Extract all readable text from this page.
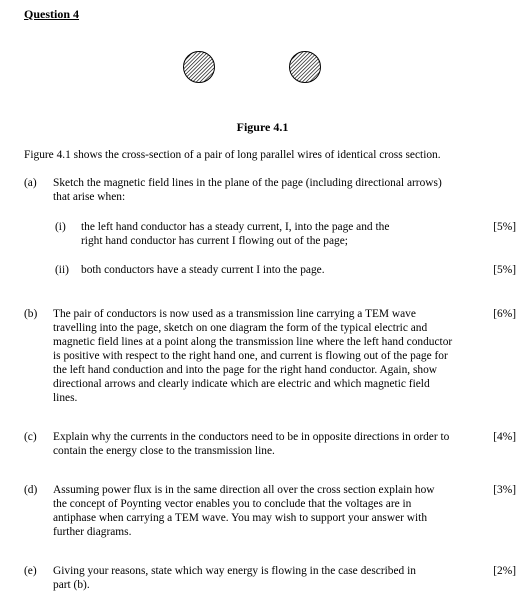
Question 4
Figure 4.1
Figure 4.1 shows the cross-section of a pair of long parallel wires of identical cross section.
(a)	Sketch the magnetic field lines in the plane of the page (including directional arrows)
that arise when:
(i)	the left hand conductor has a steady current, I, into the page and the
right hand conductor has current I flowing out of the page;
[5%]
(ii)	both conductors have a steady current I into the page.	[5%]
(b)	The pair of conductors is now used as a transmission line carrying a TEM wave
travelling into the page, sketch on one diagram the form of the typical electric and
magnetic field lines at a point along the transmission line where the left hand conductor
is positive with respect to the right hand one, and current is flowing out of the page for
the left hand conduction and into the page for the right hand conductor. Again, show
directional arrows and clearly indicate which are electric and which magnetic field
lines.
[6%]
(c)	Explain why the currents in the conductors need to be in opposite directions in order to
contain the energy close to the transmission line.
[4%]
(d)	Assuming power flux is in the same direction all over the cross section explain how
the concept of Poynting vector enables you to conclude that the voltages are in
antiphase when carrying a TEM wave. You may wish to support your answer with
further diagrams.
[3%]
(e)	Giving your reasons, state which way energy is flowing in the case described in
part (b).
[2%]
